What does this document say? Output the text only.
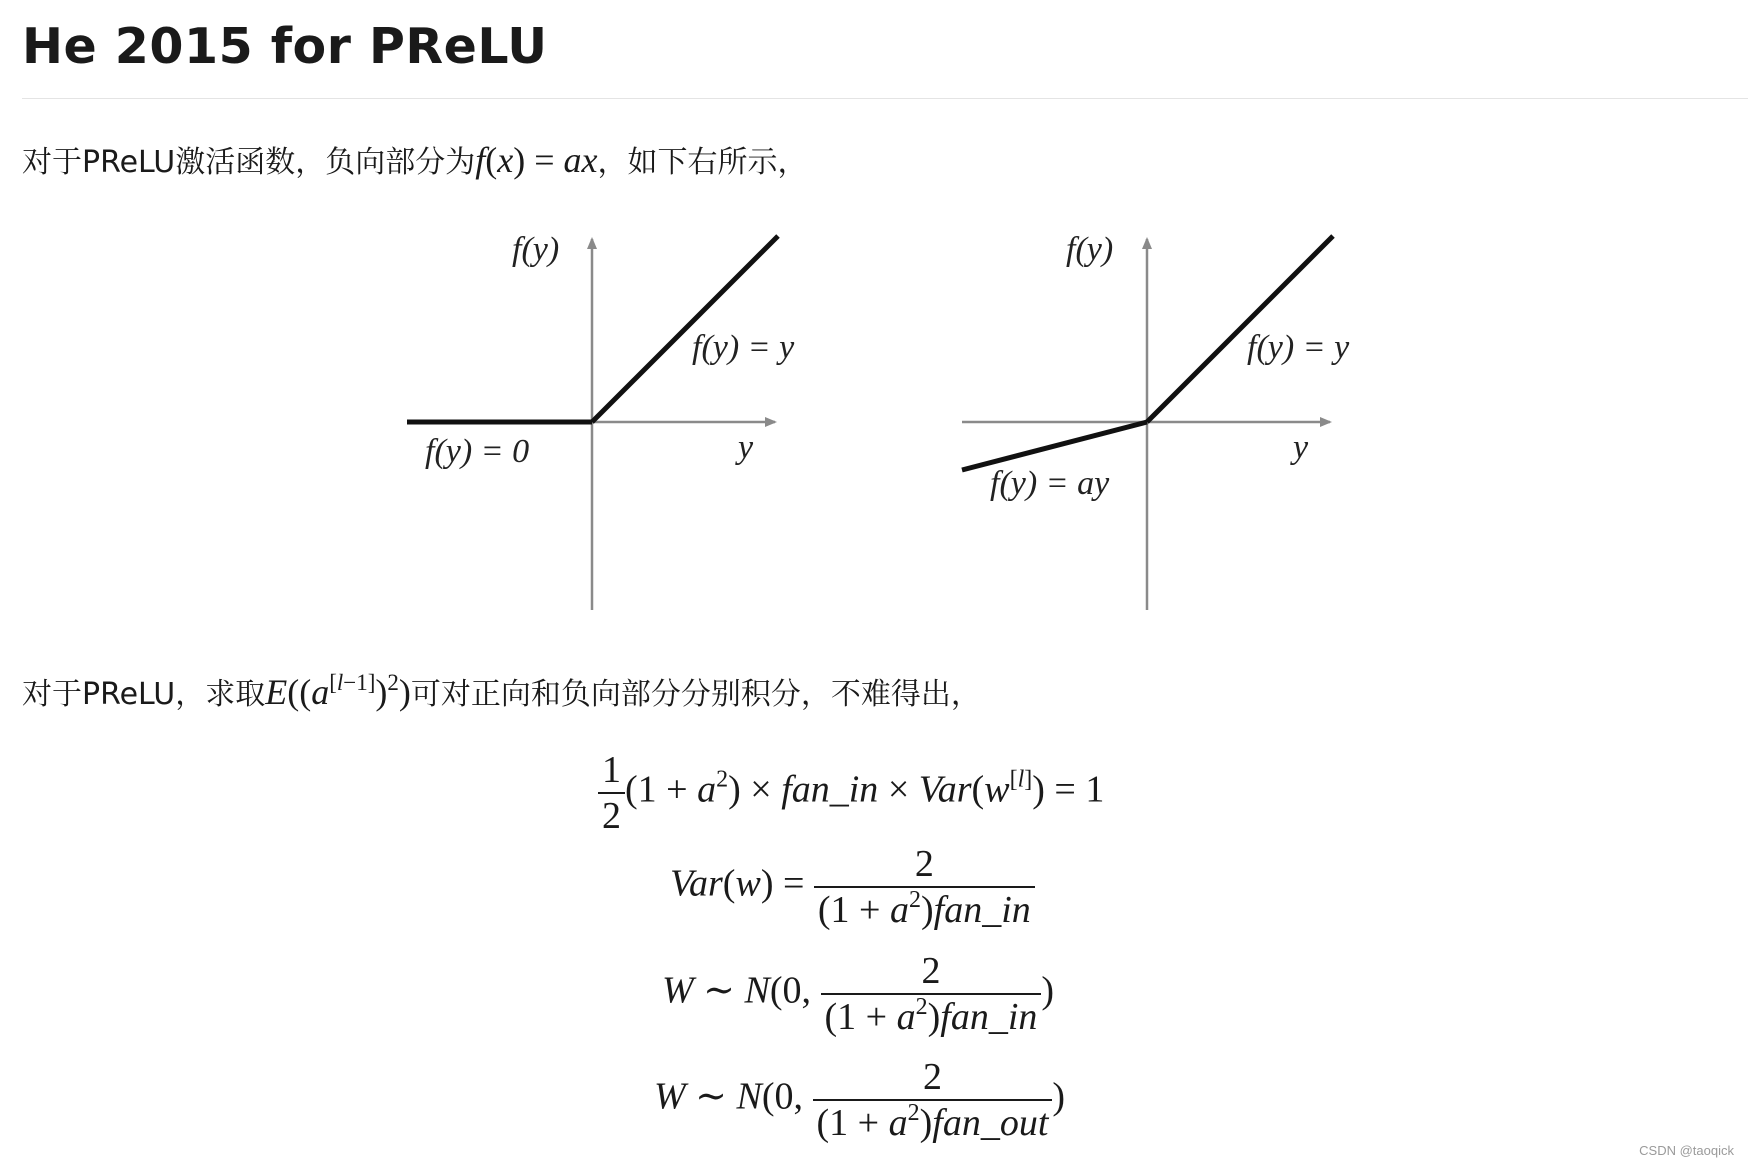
He 2015 for PReLU
对于PReLU激活函数，负向部分为f(x) = ax，如下右所示，
f(y)
f(y) = y
f(y) = 0	y
f(y)
f(y) = y
f(y) = ay
y
对于PReLU，求取$E((a[l-1])^2)$可对正向和负向部分分别积分，不难得出，
$\frac{1}{2} (1 + a^2)$ × fan_in × Var(w[l]) = 1
$Var(w) = \frac{2}{(1 + a^2)fan\_in}$
W ∼ N(0, $\frac{2}{(1 + a^2)fan\_in}$ )
W ∼ N(0, $\frac{2}{(1 + a^2)fan\_out}$ )
CSDN @taoqick
